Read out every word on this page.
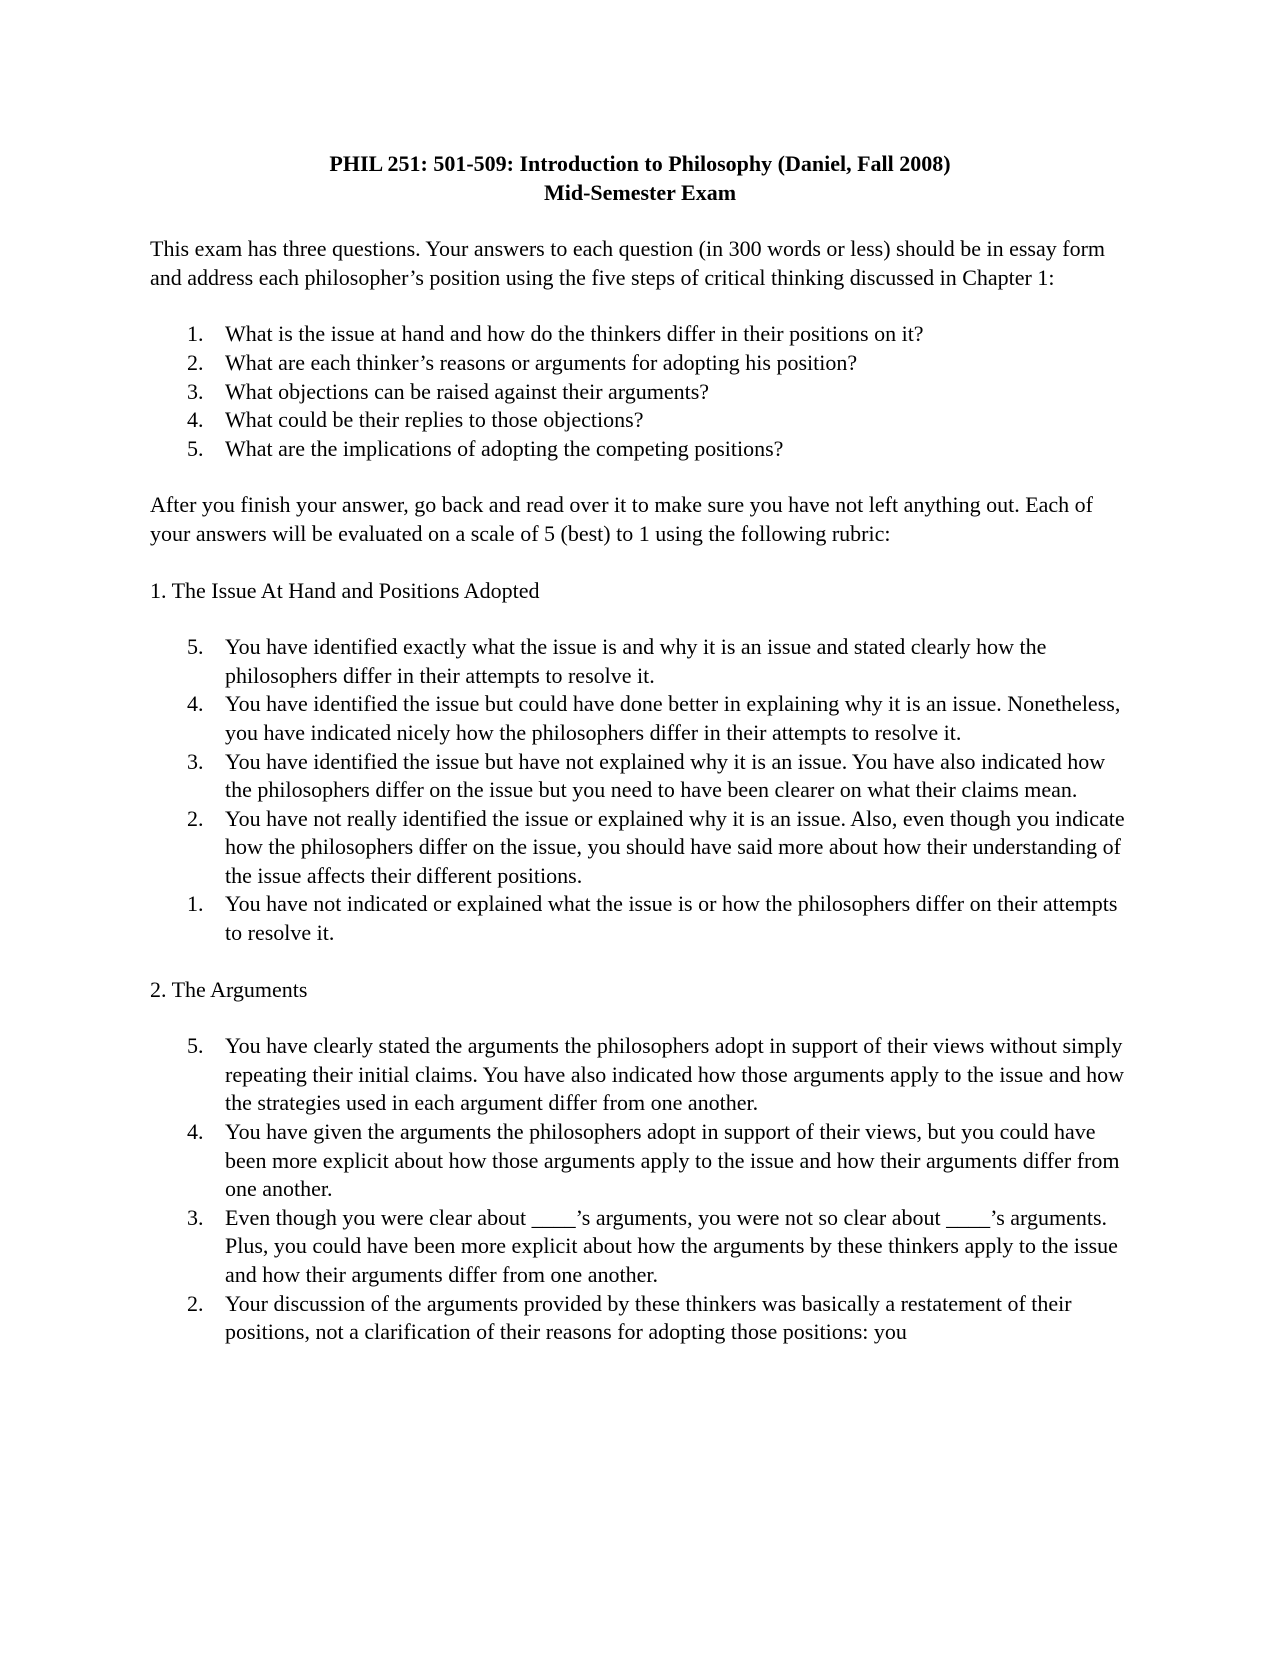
PHIL 251: 501-509: Introduction to Philosophy (Daniel, Fall 2008)
Mid-Semester Exam

This exam has three questions. Your answers to each question (in 300 words or less) should be in essay form and address each philosopher’s position using the five steps of critical thinking discussed in Chapter 1:

1. What is the issue at hand and how do the thinkers differ in their positions on it?
2. What are each thinker’s reasons or arguments for adopting his position?
3. What objections can be raised against their arguments?
4. What could be their replies to those objections?
5. What are the implications of adopting the competing positions?

After you finish your answer, go back and read over it to make sure you have not left anything out. Each of your answers will be evaluated on a scale of 5 (best) to 1 using the following rubric:

1. The Issue At Hand and Positions Adopted
5. You have identified exactly what the issue is and why it is an issue and stated clearly how the philosophers differ in their attempts to resolve it.
4. You have identified the issue but could have done better in explaining why it is an issue. Nonetheless, you have indicated nicely how the philosophers differ in their attempts to resolve it.
3. You have identified the issue but have not explained why it is an issue. You have also indicated how the philosophers differ on the issue but you need to have been clearer on what their claims mean.
2. You have not really identified the issue or explained why it is an issue. Also, even though you indicate how the philosophers differ on the issue, you should have said more about how their understanding of the issue affects their different positions.
1. You have not indicated or explained what the issue is or how the philosophers differ on their attempts to resolve it.
2. The Arguments
5. You have clearly stated the arguments the philosophers adopt in support of their views without simply repeating their initial claims. You have also indicated how those arguments apply to the issue and how the strategies used in each argument differ from one another.
4. You have given the arguments the philosophers adopt in support of their views, but you could have been more explicit about how those arguments apply to the issue and how their arguments differ from one another.
3. Even though you were clear about ____’s arguments, you were not so clear about ____’s arguments. Plus, you could have been more explicit about how the arguments by these thinkers apply to the issue and how their arguments differ from one another.
2. Your discussion of the arguments provided by these thinkers was basically a restatement of their positions, not a clarification of their reasons for adopting those positions: you
